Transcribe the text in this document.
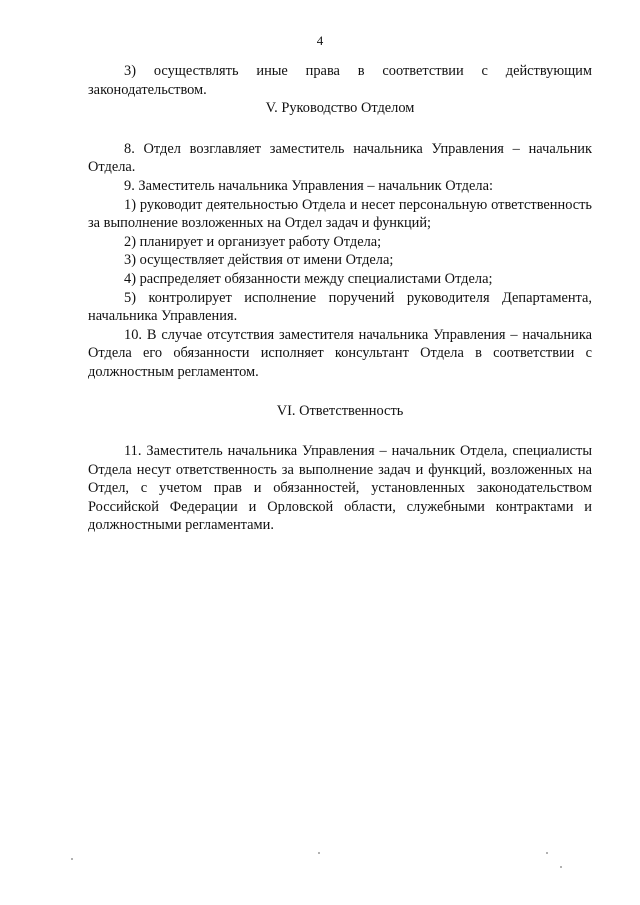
4

3) осуществлять иные права в соответствии с действующим законодательством.

V. Руководство Отделом

8. Отдел возглавляет заместитель начальника Управления – начальник Отдела.

9. Заместитель начальника Управления – начальник Отдела:

1) руководит деятельностью Отдела и несет персональную ответственность за выполнение возложенных на Отдел задач и функций;

2) планирует и организует работу Отдела;

3) осуществляет действия от имени Отдела;

4) распределяет обязанности между специалистами Отдела;

5) контролирует исполнение поручений руководителя Департамента, начальника Управления.

10. В случае отсутствия заместителя начальника Управления – начальника Отдела его обязанности исполняет консультант Отдела в соответствии с должностным регламентом.

VI. Ответственность

11. Заместитель начальника Управления – начальник Отдела, специалисты Отдела несут ответственность за выполнение задач и функций, возложенных на Отдел, с учетом прав и обязанностей, установленных законодательством Российской Федерации и Орловской области, служебными контрактами и должностными регламентами.
